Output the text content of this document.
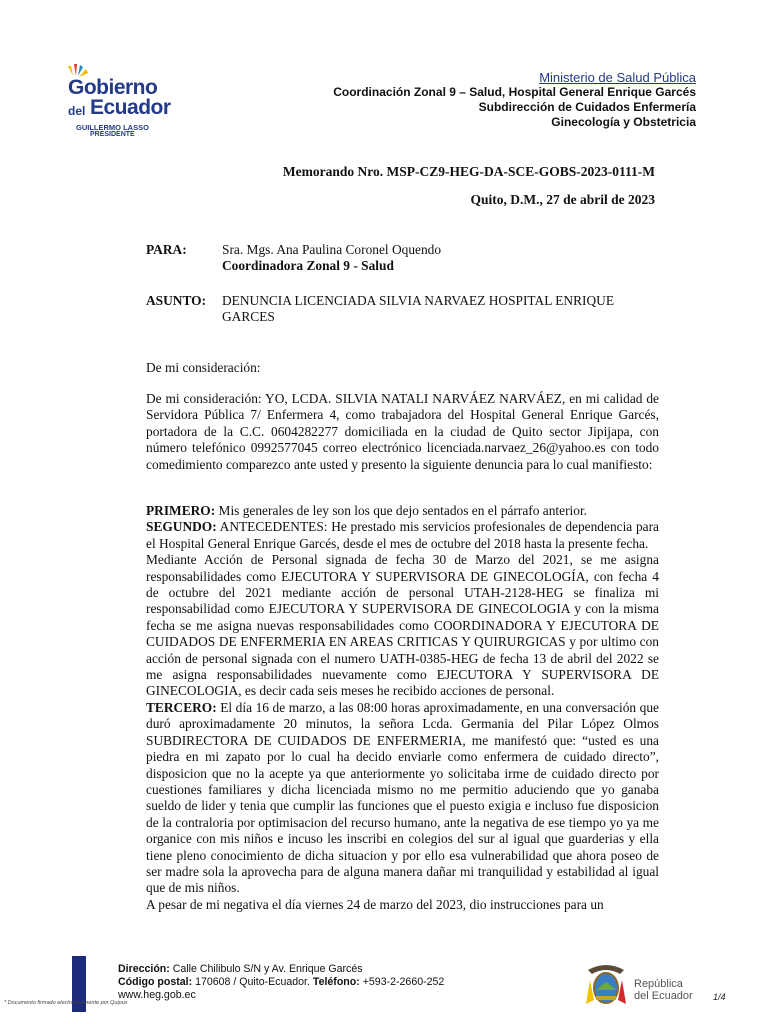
Gobierno
del Ecuador
GUILLERMO LASSO
PRESIDENTE
Ministerio de Salud Pública
Coordinación Zonal 9 – Salud, Hospital General Enrique Garcés
Subdirección de Cuidados Enfermería
Ginecología y Obstetricia
Memorando Nro. MSP-CZ9-HEG-DA-SCE-GOBS-2023-0111-M
Quito, D.M., 27 de abril de 2023
PARA:	Sra. Mgs. Ana Paulina Coronel Oquendo
Coordinadora Zonal 9 - Salud
ASUNTO: DENUNCIA LICENCIADA SILVIA NARVAEZ HOSPITAL ENRIQUE GARCES
De mi consideración:
De mi consideración: YO, LCDA. SILVIA NATALI NARVÁEZ NARVÁEZ, en mi calidad de Servidora Pública 7/ Enfermera 4, como trabajadora del Hospital General Enrique Garcés, portadora de la C.C. 0604282277 domiciliada en la ciudad de Quito sector Jipijapa, con número telefónico 0992577045 correo electrónico licenciada.narvaez_26@yahoo.es con todo comedimiento comparezco ante usted y presento la siguiente denuncia para lo cual manifiesto:

PRIMERO: Mis generales de ley son los que dejo sentados en el párrafo anterior.

SEGUNDO: ANTECEDENTES: He prestado mis servicios profesionales de dependencia para el Hospital General Enrique Garcés, desde el mes de octubre del 2018 hasta la presente fecha.

Mediante Acción de Personal signada de fecha 30 de Marzo del 2021, se me asigna responsabilidades como EJECUTORA Y SUPERVISORA DE GINECOLOGÍA, con fecha 4 de octubre del 2021 mediante acción de personal UTAH-2128-HEG se finaliza mi responsabilidad como EJECUTORA Y SUPERVISORA DE GINECOLOGIA y con la misma fecha se me asigna nuevas responsabilidades como COORDINADORA Y EJECUTORA DE CUIDADOS DE ENFERMERIA EN AREAS CRITICAS Y QUIRURGICAS y por ultimo con acción de personal signada con el numero UATH-0385-HEG de fecha 13 de abril del 2022 se me asigna responsabilidades nuevamente como EJECUTORA Y SUPERVISORA DE GINECOLOGIA, es decir cada seis meses he recibido acciones de personal.

TERCERO: El día 16 de marzo, a las 08:00 horas aproximadamente, en una conversación que duró aproximadamente 20 minutos, la señora Lcda. Germania del Pilar López Olmos SUBDIRECTORA DE CUIDADOS DE ENFERMERIA, me manifestó que: “usted es una piedra en mi zapato por lo cual ha decido enviarle como enfermera de cuidado directo”, disposicion que no la acepte ya que anteriormente yo solicitaba irme de cuidado directo por cuestiones familiares y dicha licenciada mismo no me permitio aduciendo que yo ganaba sueldo de lider y tenia que cumplir las funciones que el puesto exigia e incluso fue disposicion de la contraloria por optimisacion del recurso humano, ante la negativa de ese tiempo yo ya me organice con mis niños e incuso les inscribi en colegios del sur al igual que guarderias y ella tiene pleno conocimiento de dicha situacion y por ello esa vulnerabilidad que ahora poseo de ser madre sola la aprovecha para de alguna manera dañar mi tranquilidad y estabilidad al igual que de mis niños.

A pesar de mi negativa el día viernes 24 de marzo del 2023, dio instrucciones para un

Dirección: Calle Chilibulo S/N y Av. Enrique Garcés
Código postal: 170608 / Quito-Ecuador. Teléfono: +593-2-2660-252
www.heg.gob.ec
* Documento firmado electrónicamente por Quipux
República
del Ecuador 1/4
